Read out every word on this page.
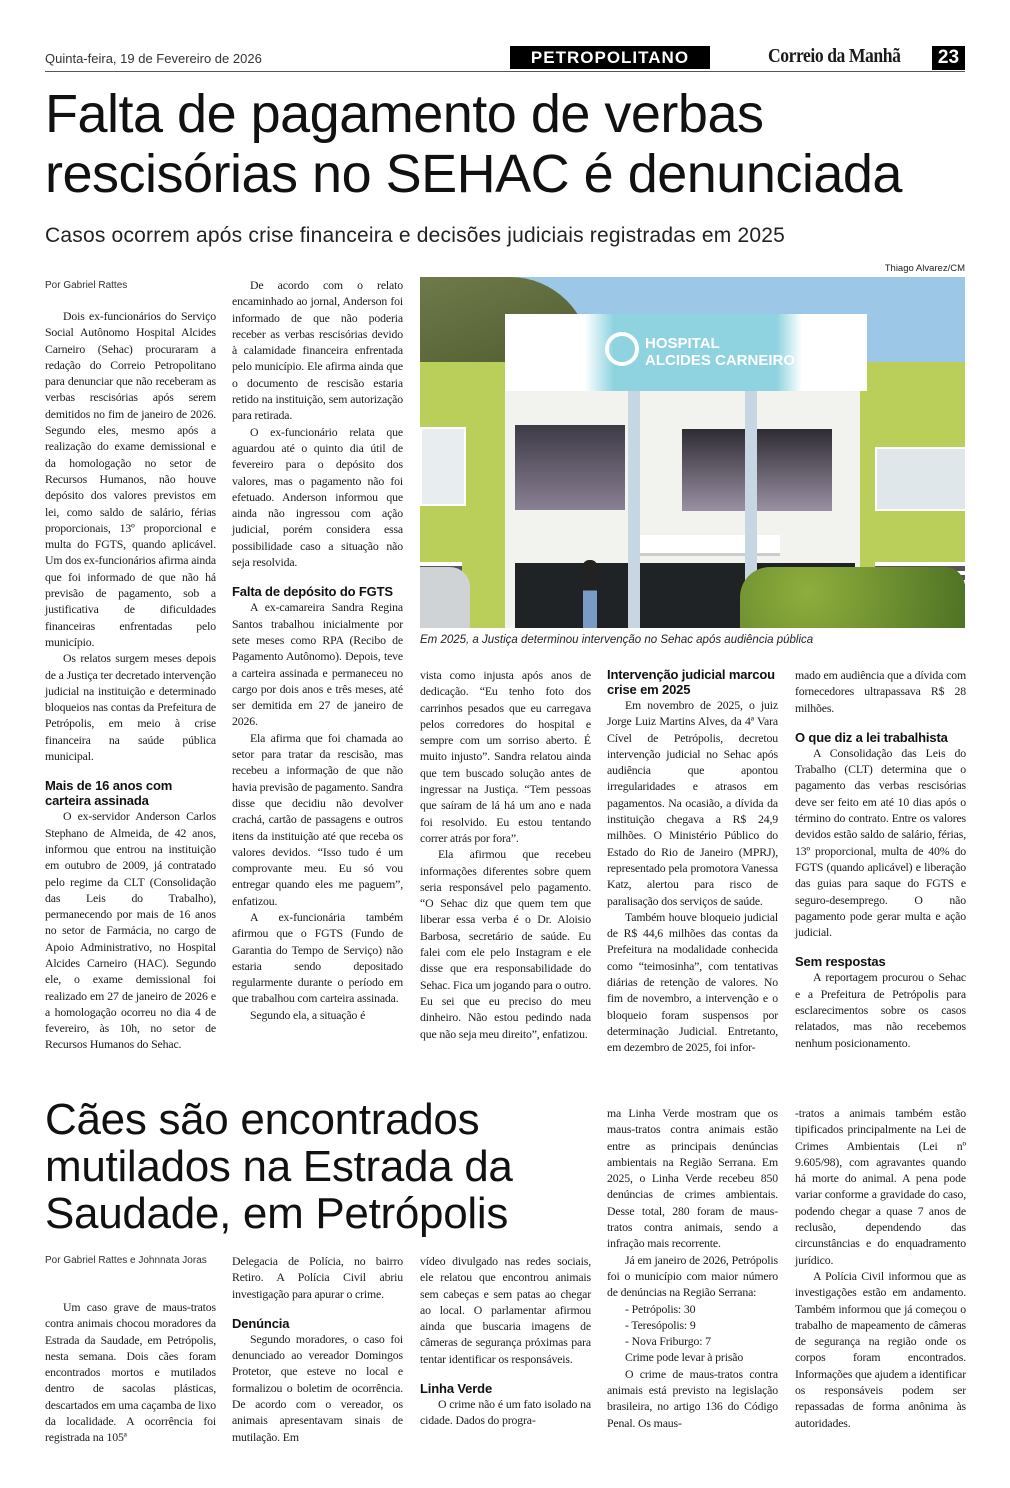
Quinta-feira, 19 de Fevereiro de 2026	PETROPOLITANO	Correio da Manhã	23
Falta de pagamento de verbas rescisórias no SEHAC é denunciada
Casos ocorrem após crise financeira e decisões judiciais registradas em 2025
Por Gabriel Rattes

Dois ex-funcionários do Serviço Social Autônomo Hospital Alcides Carneiro (Sehac) procuraram a redação do Correio Petropolitano para denunciar que não receberam as verbas rescisórias após serem demitidos no fim de janeiro de 2026. Segundo eles, mesmo após a realização do exame demissional e da homologação no setor de Recursos Humanos, não houve depósito dos valores previstos em lei, como saldo de salário, férias proporcionais, 13º proporcional e multa do FGTS, quando aplicável. Um dos ex-funcionários afirma ainda que foi informado de que não há previsão de pagamento, sob a justificativa de dificuldades financeiras enfrentadas pelo município.

Os relatos surgem meses depois de a Justiça ter decretado intervenção judicial na instituição e determinado bloqueios nas contas da Prefeitura de Petrópolis, em meio à crise financeira na saúde pública municipal.

Mais de 16 anos com carteira assinada

O ex-servidor Anderson Carlos Stephano de Almeida, de 42 anos, informou que entrou na instituição em outubro de 2009, já contratado pelo regime da CLT (Consolidação das Leis do Trabalho), permanecendo por mais de 16 anos no setor de Farmácia, no cargo de Apoio Administrativo, no Hospital Alcides Carneiro (HAC). Segundo ele, o exame demissional foi realizado em 27 de janeiro de 2026 e a homologação ocorreu no dia 4 de fevereiro, às 10h, no setor de Recursos Humanos do Sehac.

De acordo com o relato encaminhado ao jornal, Anderson foi informado de que não poderia receber as verbas rescisórias devido à calamidade financeira enfrentada pelo município. Ele afirma ainda que o documento de rescisão estaria retido na instituição, sem autorização para retirada.

O ex-funcionário relata que aguardou até o quinto dia útil de fevereiro para o depósito dos valores, mas o pagamento não foi efetuado. Anderson informou que ainda não ingressou com ação judicial, porém considera essa possibilidade caso a situação não seja resolvida.

Falta de depósito do FGTS

A ex-camareira Sandra Regina Santos trabalhou inicialmente por sete meses como RPA (Recibo de Pagamento Autônomo). Depois, teve a carteira assinada e permaneceu no cargo por dois anos e três meses, até ser demitida em 27 de janeiro de 2026.

Ela afirma que foi chamada ao setor para tratar da rescisão, mas recebeu a informação de que não havia previsão de pagamento. Sandra disse que decidiu não devolver crachá, cartão de passagens e outros itens da instituição até que receba os valores devidos. “Isso tudo é um comprovante meu. Eu só vou entregar quando eles me paguem”, enfatizou.

A ex-funcionária também afirmou que o FGTS (Fundo de Garantia do Tempo de Serviço) não estaria sendo depositado regularmente durante o período em que trabalhou com carteira assinada.

Segundo ela, a situação é

vista como injusta após anos de dedicação. “Eu tenho foto dos carrinhos pesados que eu carregava pelos corredores do hospital e sempre com um sorriso aberto. É muito injusto”. Sandra relatou ainda que tem buscado solução antes de ingressar na Justiça. “Tem pessoas que saíram de lá há um ano e nada foi resolvido. Eu estou tentando correr atrás por fora”.

Ela afirmou que recebeu informações diferentes sobre quem seria responsável pelo pagamento. “O Sehac diz que quem tem que liberar essa verba é o Dr. Aloisio Barbosa, secretário de saúde. Eu falei com ele pelo Instagram e ele disse que era responsabilidade do Sehac. Fica um jogando para o outro. Eu sei que eu preciso do meu dinheiro. Não estou pedindo nada que não seja meu direito”, enfatizou.

Intervenção judicial marcou crise em 2025

Em novembro de 2025, o juiz Jorge Luiz Martins Alves, da 4ª Vara Cível de Petrópolis, decretou intervenção judicial no Sehac após audiência que apontou irregularidades e atrasos em pagamentos. Na ocasião, a dívida da instituição chegava a R$ 24,9 milhões. O Ministério Público do Estado do Rio de Janeiro (MPRJ), representado pela promotora Vanessa Katz, alertou para risco de paralisação dos serviços de saúde.

Também houve bloqueio judicial de R$ 44,6 milhões das contas da Prefeitura na modalidade conhecida como “teimosinha”, com tentativas diárias de retenção de valores. No fim de novembro, a intervenção e o bloqueio foram suspensos por determinação Judicial. Entretanto, em dezembro de 2025, foi infor-

mado em audiência que a dívida com fornecedores ultrapassava R$ 28 milhões.

O que diz a lei trabalhista

A Consolidação das Leis do Trabalho (CLT) determina que o pagamento das verbas rescisórias deve ser feito em até 10 dias após o término do contrato. Entre os valores devidos estão saldo de salário, férias, 13º proporcional, multa de 40% do FGTS (quando aplicável) e liberação das guias para saque do FGTS e seguro-desemprego. O não pagamento pode gerar multa e ação judicial.

Sem respostas

A reportagem procurou o Sehac e a Prefeitura de Petrópolis para esclarecimentos sobre os casos relatados, mas não recebemos nenhum posicionamento.

Thiago Alvarez/CM
HOSPITAL
ALCIDES CARNEIRO
Em 2025, a Justiça determinou intervenção no Sehac após audiência pública
Cães são encontrados mutilados na Estrada da Saudade, em Petrópolis
Por Gabriel Rattes e Johnnata Joras

Um caso grave de maus-tratos contra animais chocou moradores da Estrada da Saudade, em Petrópolis, nesta semana. Dois cães foram encontrados mortos e mutilados dentro de sacolas plásticas, descartados em uma caçamba de lixo da localidade. A ocorrência foi registrada na 105ª

Delegacia de Polícia, no bairro Retiro. A Polícia Civil abriu investigação para apurar o crime.

Denúncia

Segundo moradores, o caso foi denunciado ao vereador Domingos Protetor, que esteve no local e formalizou o boletim de ocorrência. De acordo com o vereador, os animais apresentavam sinais de mutilação. Em

vídeo divulgado nas redes sociais, ele relatou que encontrou animais sem cabeças e sem patas ao chegar ao local. O parlamentar afirmou ainda que buscaria imagens de câmeras de segurança próximas para tentar identificar os responsáveis.

Linha Verde

O crime não é um fato isolado na cidade. Dados do progra-

ma Linha Verde mostram que os maus-tratos contra animais estão entre as principais denúncias ambientais na Região Serrana. Em 2025, o Linha Verde recebeu 850 denúncias de crimes ambientais. Desse total, 280 foram de maus-tratos contra animais, sendo a infração mais recorrente.

Já em janeiro de 2026, Petrópolis foi o município com maior número de denúncias na Região Serrana:

- Petrópolis: 30

- Teresópolis: 9

- Nova Friburgo: 7

Crime pode levar à prisão

O crime de maus-tratos contra animais está previsto na legislação brasileira, no artigo 136 do Código Penal. Os maus-

-tratos a animais também estão tipificados principalmente na Lei de Crimes Ambientais (Lei nº 9.605/98), com agravantes quando há morte do animal. A pena pode variar conforme a gravidade do caso, podendo chegar a quase 7 anos de reclusão, dependendo das circunstâncias e do enquadramento jurídico.

A Polícia Civil informou que as investigações estão em andamento. Também informou que já começou o trabalho de mapeamento de câmeras de segurança na região onde os corpos foram encontrados. Informações que ajudem a identificar os responsáveis podem ser repassadas de forma anônima às autoridades.
